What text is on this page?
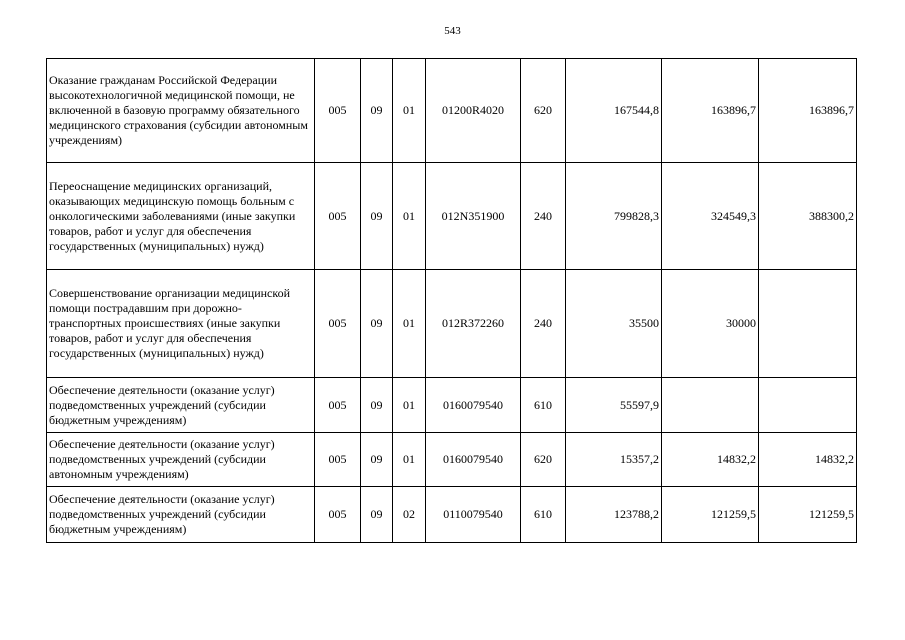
543
Оказание гражданам Российской Федерации высокотехнологичной медицинской помощи, не включенной в базовую программу обязательного медицинского страхования (субсидии автономным учреждениям)	005	09	01	01200R4020	620	167544,8	163896,7	163896,7
Переоснащение медицинских организаций, оказывающих медицинскую помощь больным с онкологическими заболеваниями (иные закупки товаров, работ и услуг для обеспечения государственных (муниципальных) нужд)	005	09	01	012N351900	240	799828,3	324549,3	388300,2
Совершенствование организации медицинской помощи пострадавшим при дорожно-транспортных происшествиях (иные закупки товаров, работ и услуг для обеспечения государственных (муниципальных) нужд)	005	09	01	012R372260	240	35500	30000	
Обеспечение деятельности (оказание услуг) подведомственных учреждений (субсидии бюджетным учреждениям)	005	09	01	0160079540	610	55597,9		
Обеспечение деятельности (оказание услуг) подведомственных учреждений (субсидии автономным учреждениям)	005	09	01	0160079540	620	15357,2	14832,2	14832,2
Обеспечение деятельности (оказание услуг) подведомственных учреждений (субсидии бюджетным учреждениям)	005	09	02	0110079540	610	123788,2	121259,5	121259,5
